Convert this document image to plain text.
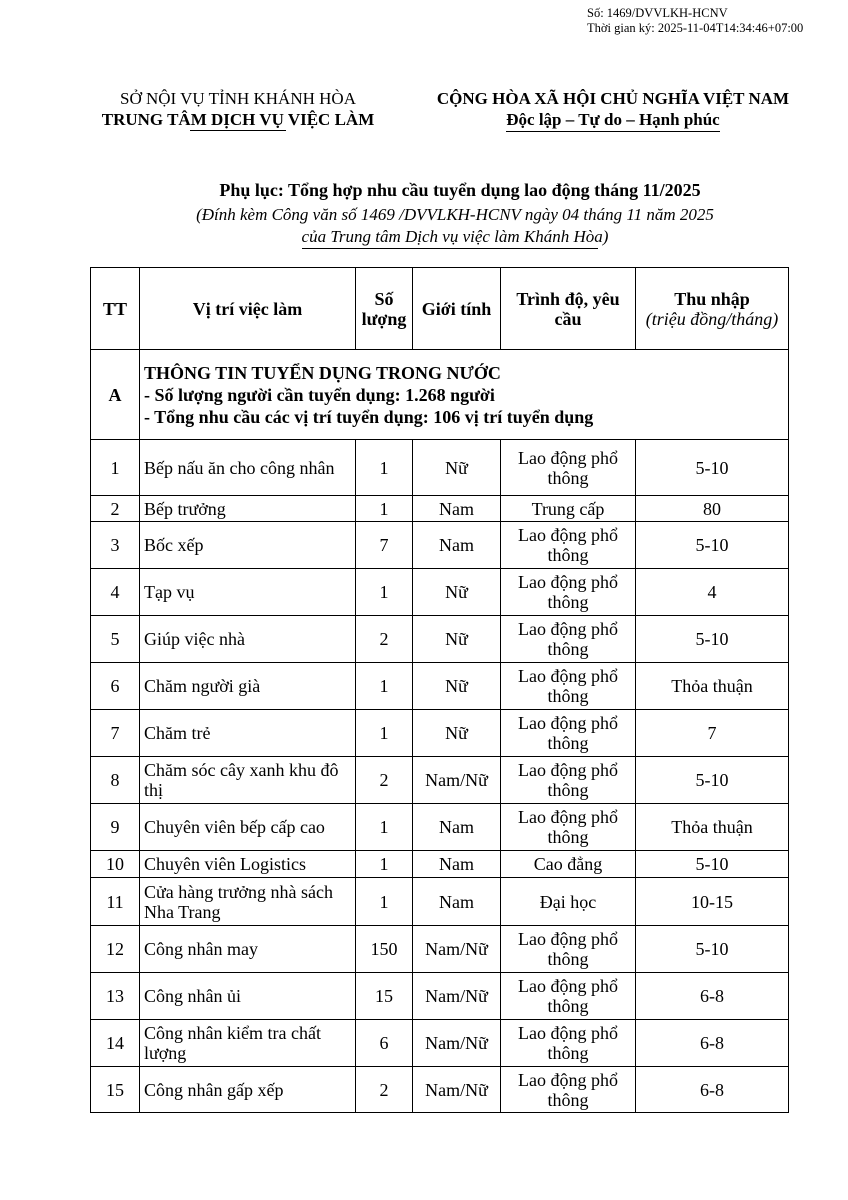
Số: 1469/DVVLKH-HCNV
Thời gian ký: 2025-11-04T14:34:46+07:00
SỞ NỘI VỤ TỈNH KHÁNH HÒA
TRUNG TÂM DỊCH VỤ VIỆC LÀM
CỘNG HÒA XÃ HỘI CHỦ NGHĨA VIỆT NAM
Độc lập – Tự do – Hạnh phúc
Phụ lục: Tổng hợp nhu cầu tuyển dụng lao động tháng 11/2025
(Đính kèm Công văn số 1469 /DVVLKH-HCNV ngày 04 tháng 11 năm 2025
của Trung tâm Dịch vụ việc làm Khánh Hòa)
TT	Vị trí việc làm	Số lượng	Giới tính	Trình độ, yêu cầu	Thu nhập
(triệu đồng/tháng)

A	THÔNG TIN TUYỂN DỤNG TRONG NƯỚC
- Số lượng người cần tuyển dụng: 1.268 người
- Tổng nhu cầu các vị trí tuyển dụng: 106 vị trí tuyển dụng				

1	Bếp nấu ăn cho công nhân	1	Nữ	Lao động phổ thông	5-10
2	Bếp trưởng	1	Nam	Trung cấp	80
3	Bốc xếp	7	Nam	Lao động phổ thông	5-10
4	Tạp vụ	1	Nữ	Lao động phổ thông	4
5	Giúp việc nhà	2	Nữ	Lao động phổ thông	5-10
6	Chăm người già	1	Nữ	Lao động phổ thông	Thỏa thuận
7	Chăm trẻ	1	Nữ	Lao động phổ thông	7
8	Chăm sóc cây xanh khu đô thị	2	Nam/Nữ	Lao động phổ thông	5-10
9	Chuyên viên bếp cấp cao	1	Nam	Lao động phổ thông	Thỏa thuận
10	Chuyên viên Logistics	1	Nam	Cao đẳng	5-10
11	Cửa hàng trưởng nhà sách Nha Trang	1	Nam	Đại học	10-15
12	Công nhân may	150	Nam/Nữ	Lao động phổ thông	5-10
13	Công nhân ủi	15	Nam/Nữ	Lao động phổ thông	6-8
14	Công nhân kiểm tra chất lượng	6	Nam/Nữ	Lao động phổ thông	6-8
15	Công nhân gấp xếp	2	Nam/Nữ	Lao động phổ thông	6-8
